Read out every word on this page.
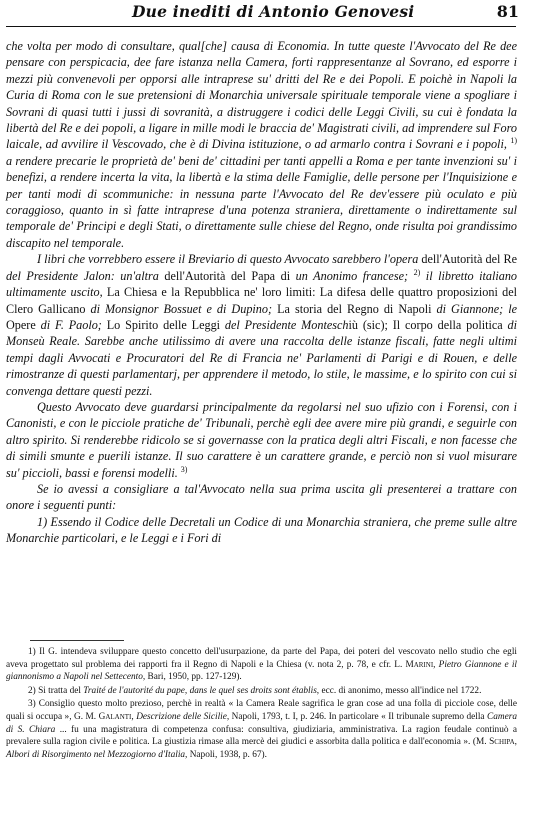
Due inediti di Antonio Genovesi	81

che volta per modo di consultare, qual[che] causa di Economia. In tutte queste l'Avvocato del Re dee pensare con perspicacia, dee fare istanza nella Camera, forti rappresentanze al Sovrano, ed esporre i mezzi più convenevoli per opporsi alle intraprese su' dritti del Re e dei Popoli. E poichè in Napoli la Curia di Roma con le sue pretensioni di Monarchia universale spirituale temporale viene a spogliare i Sovrani di quasi tutti i jussi di sovranità, a distruggere i codici delle Leggi Civili, su cui è fondata la libertà del Re e dei popoli, a ligare in mille modi le braccia de' Magistrati civili, ad imprendere sul Foro laicale, ad avvilire il Vescovado, che è di Divina istituzione, o ad armarlo contra i Sovrani e i popoli, $^{1)}$ a rendere precarie le proprietà de' beni de' cittadini per tanti appelli a Roma e per tante invenzioni su' i benefizi, a rendere incerta la vita, la libertà e la stima delle Famiglie, delle persone per l'Inquisizione e per tanti modi di scommuniche: in nessuna parte l'Avvocato del Re dev'essere più oculato e più coraggioso, quanto in sì fatte intraprese d'una potenza straniera, direttamente o indirettamente sul temporale de' Principi e degli Stati, o direttamente sulle chiese del Regno, onde risulta poi grandissimo discapito nel temporale.

I libri che vorrebbero essere il Breviario di questo Avvocato sarebbero l'opera dell'Autorità del Re del Presidente Jalon: un'altra dell'Autorità del Papa di un Anonimo francese; $^{2)}$ il libretto italiano ultimamente uscito, La Chiesa e la Repubblica ne' loro limiti: La difesa delle quattro proposizioni del Clero Gallicano di Monsignor Bossuet e di Dupino; La storia del Regno di Napoli di Giannone; le Opere di F. Paolo; Lo Spirito delle Leggi del Presidente Monteschiù (sic); Il corpo della politica di Monseù Reale. Sarebbe anche utilissimo di avere una raccolta delle istanze fiscali, fatte negli ultimi tempi dagli Avvocati e Procuratori del Re di Francia ne' Parlamenti di Parigi e di Rouen, e delle rimostranze di questi parlamentarj, per apprendere il metodo, lo stile, le massime, e lo spirito con cui si convenga dettare questi pezzi.

Questo Avvocato deve guardarsi principalmente da regolarsi nel suo ufizio con i Forensi, con i Canonisti, e con le picciole pratiche de' Tribunali, perchè egli dee avere mire più grandi, e seguirle con altro spirito. Si renderebbe ridicolo se si governasse con la pratica degli altri Fiscali, e non facesse che di simili smunte e puerili istanze. Il suo carattere è un carattere grande, e perciò non si vuol misurare su' piccioli, bassi e forensi modelli. $^{3)}$

Se io avessi a consigliare a tal'Avvocato nella sua prima uscita gli presenterei a trattare con onore i seguenti punti:

1) Essendo il Codice delle Decretali un Codice di una Monarchia straniera, che preme sulle altre Monarchie particolari, e le Leggi e i Fori di

1) Il G. intendeva sviluppare questo concetto dell'usurpazione, da parte del Papa, dei poteri del vescovato nello studio che egli aveva progettato sul problema dei rapporti fra il Regno di Napoli e la Chiesa (v. nota 2, p. 78, e cfr. L. Marini, Pietro Giannone e il giannonismo a Napoli nel Settecento, Bari, 1950, pp. 127-129).

2) Si tratta del Traité de l'autorité du pape, dans le quel ses droits sont établis, ecc. di anonimo, messo all'indice nel 1722.

3) Consiglio questo molto prezioso, perchè in realtà « la Camera Reale sagrifica le gran cose ad una folla di picciole cose, delle quali si occupa », G. M. Galanti, Descrizione delle Sicilie, Napoli, 1793, t. I, p. 246. In particolare « Il tribunale supremo della Camera di S. Chiara ... fu una magistratura di competenza confusa: consultiva, giudiziaria, amministrativa. La ragion feudale continuò a prevalere sulla ragion civile e politica. La giustizia rimase alla mercè dei giudici e assorbita dalla politica e dall'economia ». (M. Schipa, Albori di Risorgimento nel Mezzogiorno d'Italia, Napoli, 1938, p. 67).
